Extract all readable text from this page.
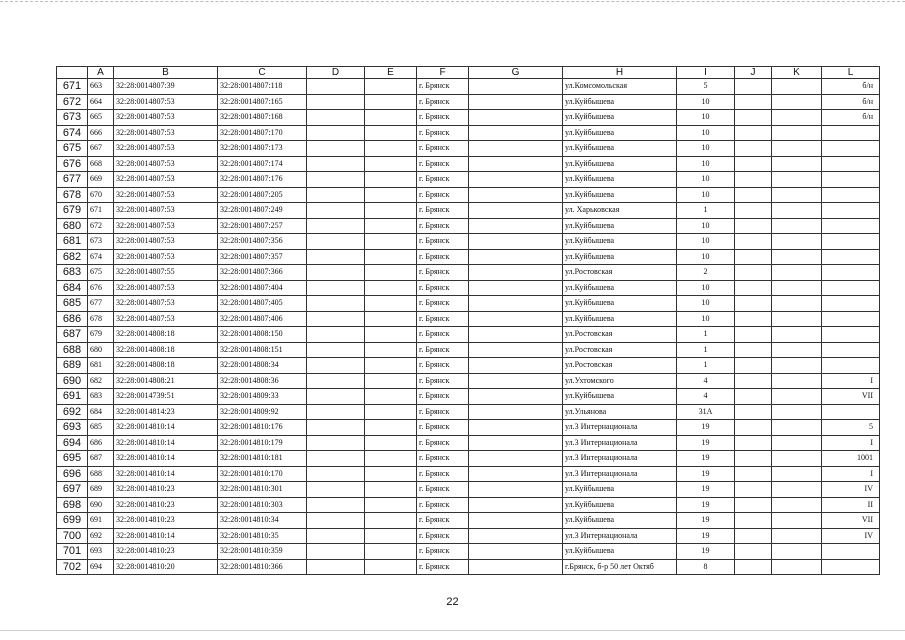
	A	B	C	D	E	F	G	H	I	J	K	L
671	663	32:28:0014807:39	32:28:0014807:118			г. Брянск		ул.Комсомольская	5			б/н
672	664	32:28:0014807:53	32:28:0014807:165			г. Брянск		ул.Куйбышева	10			б/н
673	665	32:28:0014807:53	32:28:0014807:168			г. Брянск		ул.Куйбышева	10			б/н
674	666	32:28:0014807:53	32:28:0014807:170			г. Брянск		ул.Куйбышева	10			
675	667	32:28:0014807:53	32:28:0014807:173			г. Брянск		ул.Куйбышева	10			
676	668	32:28:0014807:53	32:28:0014807:174			г. Брянск		ул.Куйбышева	10			
677	669	32:28:0014807:53	32:28:0014807:176			г. Брянск		ул.Куйбышева	10			
678	670	32:28:0014807:53	32:28:0014807:205			г. Брянск		ул.Куйбышева	10			
679	671	32:28:0014807:53	32:28:0014807:249			г. Брянск		ул. Харьковская	1			
680	672	32:28:0014807:53	32:28:0014807:257			г. Брянск		ул.Куйбышева	10			
681	673	32:28:0014807:53	32:28:0014807:356			г. Брянск		ул.Куйбышева	10			
682	674	32:28:0014807:53	32:28:0014807:357			г. Брянск		ул.Куйбышева	10			
683	675	32:28:0014807:55	32:28:0014807:366			г. Брянск		ул.Ростовская	2			
684	676	32:28:0014807:53	32:28:0014807:404			г. Брянск		ул.Куйбышева	10			
685	677	32:28:0014807:53	32:28:0014807:405			г. Брянск		ул.Куйбышева	10			
686	678	32:28:0014807:53	32:28:0014807:406			г. Брянск		ул.Куйбышева	10			
687	679	32:28:0014808:18	32:28:0014808:150			г. Брянск		ул.Ростовская	1			
688	680	32:28:0014808:18	32:28:0014808:151			г. Брянск		ул.Ростовская	1			
689	681	32:28:0014808:18	32:28:0014808:34			г. Брянск		ул.Ростовская	1			
690	682	32:28:0014808:21	32:28:0014808:36			г. Брянск		ул.Ухтомского	4			I
691	683	32:28:0014739:51	32:28:0014809:33			г. Брянск		ул.Куйбышева	4			VII
692	684	32:28:0014814:23	32:28:0014809:92			г. Брянск		ул.Ульянова	31А			
693	685	32:28:0014810:14	32:28:0014810:176			г. Брянск		ул.3 Интернационала	19			5
694	686	32:28:0014810:14	32:28:0014810:179			г. Брянск		ул.3 Интернационала	19			I
695	687	32:28:0014810:14	32:28:0014810:181			г. Брянск		ул.3 Интернационала	19			1001
696	688	32:28:0014810:14	32:28:0014810:170			г. Брянск		ул.3 Интернационала	19			I
697	689	32:28:0014810:23	32:28:0014810:301			г. Брянск		ул.Куйбышева	19			IV
698	690	32:28:0014810:23	32:28:0014810:303			г. Брянск		ул.Куйбышева	19			II
699	691	32:28:0014810:23	32:28:0014810:34			г. Брянск		ул.Куйбышева	19			VII
700	692	32:28:0014810:14	32:28:0014810:35			г. Брянск		ул.3 Интернационала	19			IV
701	693	32:28:0014810:23	32:28:0014810:359			г. Брянск		ул.Куйбышева	19			
702	694	32:28:0014810:20	32:28:0014810:366			г. Брянск		г.Брянск, б-р 50 лет Октяб	8			
22
